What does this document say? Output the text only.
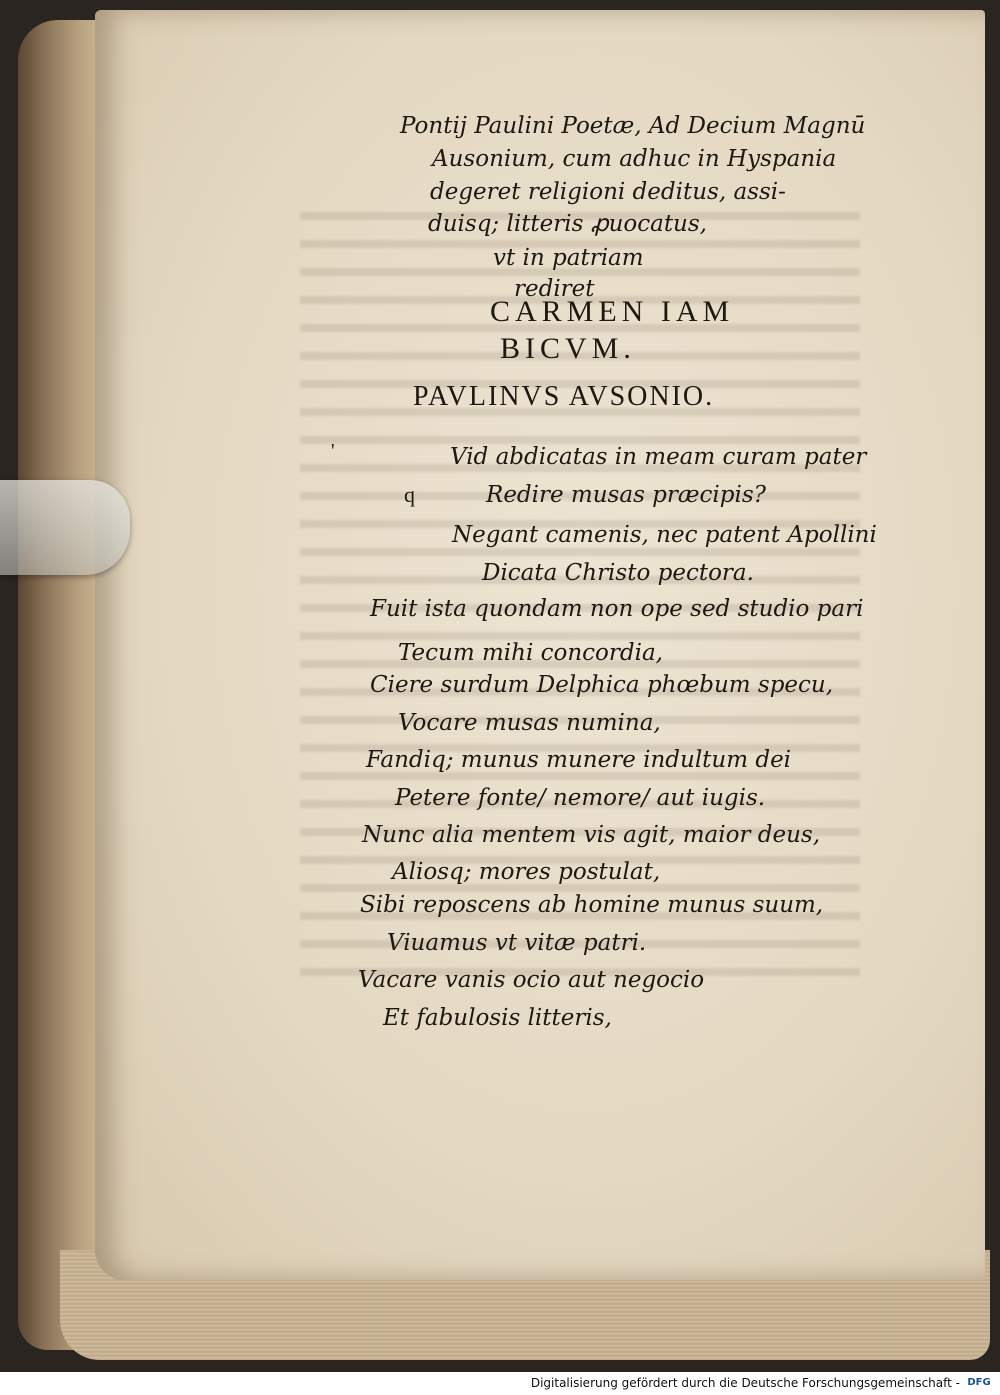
Pontij Paulini Poetæ, Ad Decium Magnū
Ausonium, cum adhuc in Hyspania
degeret religioni deditus, assi-
duisq; litteris ꝓuocatus,
vt in patriam
rediret
CARMEN IAM
BICVM.
PAVLINVS AVSONIO.
'
q
Vid abdicatas in meam curam pater
Redire musas præcipis?
Negant camenis, nec patent Apollini
Dicata Christo pectora.
Fuit ista quondam non ope sed studio pari
Tecum mihi concordia,
Ciere surdum Delphica phœbum specu,
Vocare musas numina,
Fandiq; munus munere indultum dei
Petere fonte/ nemore/ aut iugis.
Nunc alia mentem vis agit, maior deus,
Aliosq; mores postulat,
Sibi reposcens ab homine munus suum,
Viuamus vt vitæ patri.
Vacare vanis ocio aut negocio
Et fabulosis litteris,
Digitalisierung gefördert durch die Deutsche Forschungsgemeinschaft - DFG
